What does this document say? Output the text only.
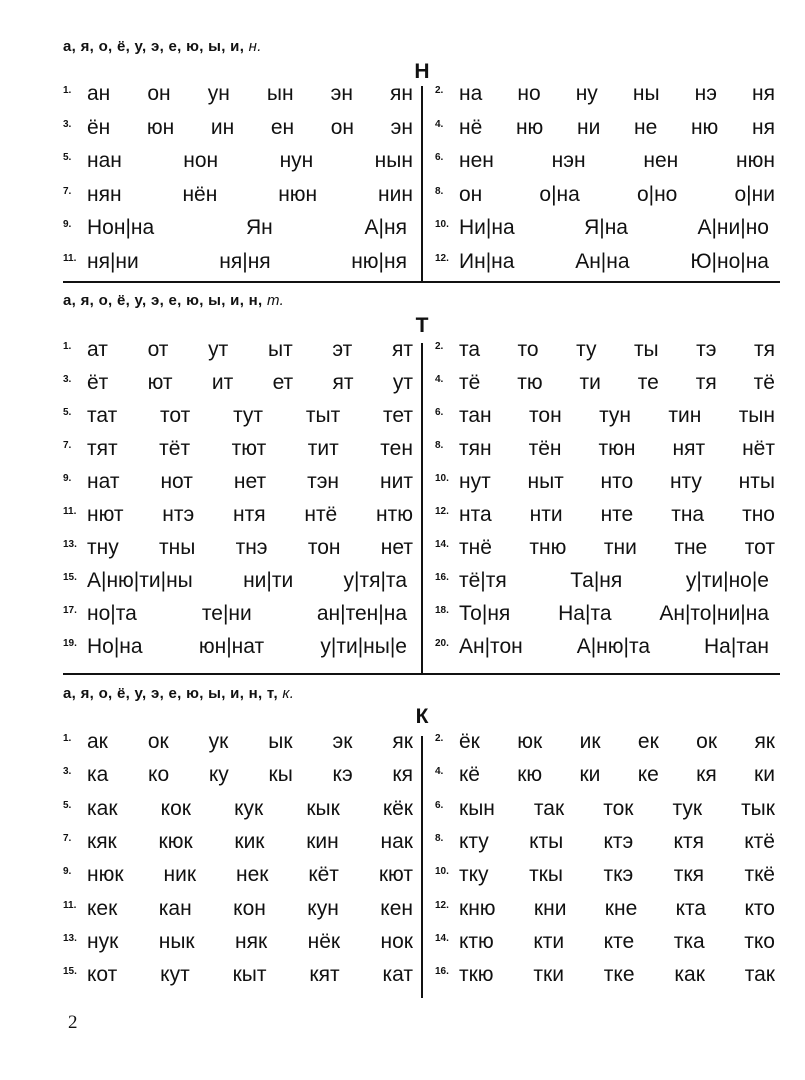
а, я, о, ё, у, э, е, ю, ы, и, н.
Н
1. ан он ун ын эн ян
3. ён юн ин ен он эн
5. нан	нон	нун	нын
7. нян	нён	нюн	нин
9. Нон|на	Ян	А|ня
11. ня|ни	ня|ня	ню|ня
2. на но ну ны нэ ня
4. нё ню ни не ню ня
6. нен	нэн	нен	нюн
8. он	о|на	о|но	о|ни
10. Ни|на	Я|на	А|ни|но
12. Ин|на	Ан|на	Ю|но|на
а, я, о, ё, у, э, е, ю, ы, и, н, т.
Т
1. ат от ут ыт эт ят
3. ёт ют ит ет ят ут
5. тат тот тут тыт тет
7. тят тёт тют тит тен
9. нат нот нет тэн нит
11. нют нтэ нтя нтё нтю
13. тну тны тнэ тон нет
15. А|ню|ти|ны ни|ти у|тя|та
17. но|та	те|ни	ан|тен|на
19. Но|на	юн|нат	у|ти|ны|е
2. та то ту ты тэ тя
4. тё тю ти те тя тё
6. тан тон тун тин тын
8. тян тён тюн нят нёт
10. нут ныт нто нту нты
12. нта нти нте тна тно
14. тнё тню тни тне тот
16. тё|тя	Та|ня	у|ти|но|е
18. То|ня На|та Ан|то|ни|на
20. Ан|тон	А|ню|та	На|тан
а, я, о, ё, у, э, е, ю, ы, и, н, т, к.
К
1. ак ок ук ык эк як
3. ка ко ку кы кэ кя
5. как кок кук кык кёк
7. кяк кюк кик кин нак
9. нюк ник нек кёт кют
11. кек кан кон кун кен
13. нук нык няк нёк нок
15. кот кут кыт кят кат
2. ёк юк ик ек ок як
4. кё кю ки ке кя ки
6. кын так ток тук тык
8. кту кты ктэ ктя ктё
10. тку ткы ткэ ткя ткё
12. кню кни кне кта кто
14. ктю кти кте тка тко
16. ткю тки тке как так
2
